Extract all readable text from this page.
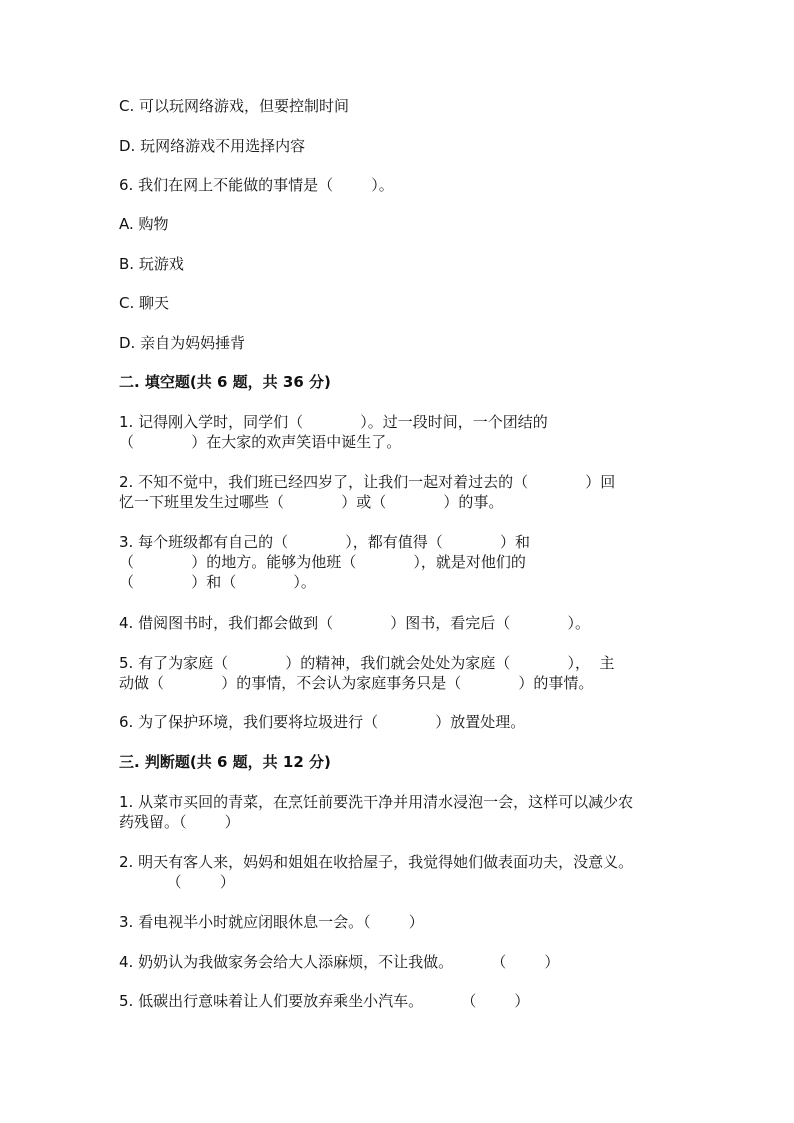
C. 可以玩网络游戏，但要控制时间
D. 玩网络游戏不用选择内容
6. 我们在网上不能做的事情是（        ）。
A. 购物
B. 玩游戏
C. 聊天
D. 亲自为妈妈捶背
二. 填空题(共 6 题，共 36 分)
1. 记得刚入学时，同学们（            ）。过一段时间，一个团结的
（            ）在大家的欢声笑语中诞生了。
2. 不知不觉中，我们班已经四岁了，让我们一起对着过去的（            ）回
忆一下班里发生过哪些（            ）或（            ）的事。
3. 每个班级都有自己的（            ），都有值得（            ）和
（            ）的地方。能够为他班（            ），就是对他们的
（            ）和（            ）。
4. 借阅图书时，我们都会做到（            ）图书，看完后（            ）。
5. 有了为家庭（            ）的精神，我们就会处处为家庭（            ），  主
动做（            ）的事情，不会认为家庭事务只是（            ）的事情。
6. 为了保护环境，我们要将垃圾进行（            ）放置处理。
三. 判断题(共 6 题，共 12 分)
1. 从菜市买回的青菜，在烹饪前要洗干净并用清水浸泡一会，这样可以减少农
药残留。（        ）
2. 明天有客人来，妈妈和姐姐在收拾屋子，我觉得她们做表面功夫，没意义。
（        ）
3. 看电视半小时就应闭眼休息一会。（        ）
4. 奶奶认为我做家务会给大人添麻烦，不让我做。        （        ）
5. 低碳出行意味着让人们要放弃乘坐小汽车。        （        ）
